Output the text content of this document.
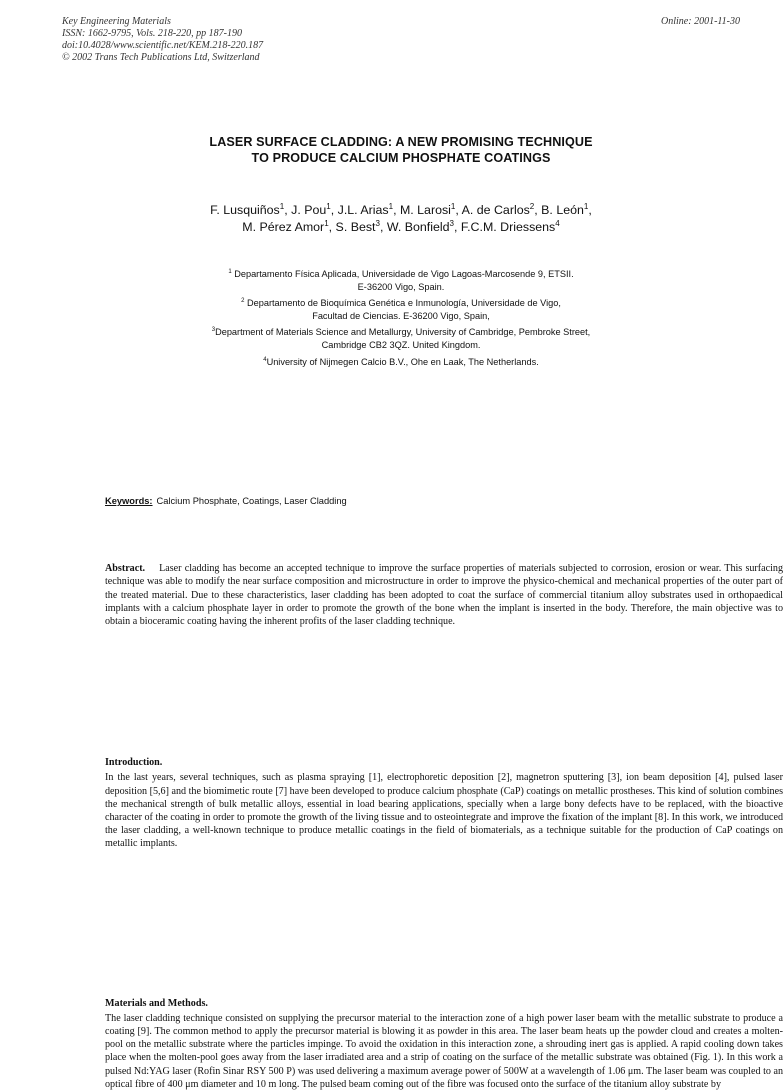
Key Engineering Materials
ISSN: 1662-9795, Vols. 218-220, pp 187-190
doi:10.4028/www.scientific.net/KEM.218-220.187
© 2002 Trans Tech Publications Ltd, Switzerland
Online: 2001-11-30
LASER SURFACE CLADDING: A NEW PROMISING TECHNIQUE
TO PRODUCE CALCIUM PHOSPHATE COATINGS
F. Lusquiños$^1$, J. Pou$^1$, J.L. Arias$^1$, M. Larosi$^1$, A. de Carlos$^2$, B. León$^1$,
M. Pérez Amor$^1$, S. Best$^3$, W. Bonfield$^3$, F.C.M. Driessens$^4$
$^1$ Departamento Física Aplicada, Universidade de Vigo Lagoas-Marcosende 9, ETSII.
E-36200 Vigo, Spain.
$^2$ Departamento de Bioquímica Genética e Inmunología, Universidade de Vigo,
Facultad de Ciencias. E-36200 Vigo, Spain,
$^3$Department of Materials Science and Metallurgy, University of Cambridge, Pembroke Street,
Cambridge CB2 3QZ. United Kingdom.
$^4$University of Nijmegen Calcio B.V., Ohe en Laak, The Netherlands.
Keywords: Calcium Phosphate, Coatings, Laser Cladding
Abstract. Laser cladding has become an accepted technique to improve the surface properties of materials subjected to corrosion, erosion or wear. This surfacing technique was able to modify the near surface composition and microstructure in order to improve the physico-chemical and mechanical properties of the outer part of the treated material. Due to these characteristics, laser cladding has been adopted to coat the surface of commercial titanium alloy substrates used in orthopaedical implants with a calcium phosphate layer in order to promote the growth of the bone when the implant is inserted in the body. Therefore, the main objective was to obtain a bioceramic coating having the inherent profits of the laser cladding technique.
Introduction.
In the last years, several techniques, such as plasma spraying [1], electrophoretic deposition [2], magnetron sputtering [3], ion beam deposition [4], pulsed laser deposition [5,6] and the biomimetic route [7] have been developed to produce calcium phosphate (CaP) coatings on metallic prostheses. This kind of solution combines the mechanical strength of bulk metallic alloys, essential in load bearing applications, specially when a large bony defects have to be replaced, with the bioactive character of the coating in order to promote the growth of the living tissue and to osteointegrate and improve the fixation of the implant [8]. In this work, we introduced the laser cladding, a well-known technique to produce metallic coatings in the field of biomaterials, as a technique suitable for the production of CaP coatings on metallic implants.
Materials and Methods.
The laser cladding technique consisted on supplying the precursor material to the interaction zone of a high power laser beam with the metallic substrate to produce a coating [9]. The common method to apply the precursor material is blowing it as powder in this area. The laser beam heats up the powder cloud and creates a molten-pool on the metallic substrate where the particles impinge. To avoid the oxidation in this interaction zone, a shrouding inert gas is applied. A rapid cooling down takes place when the molten-pool goes away from the laser irradiated area and a strip of coating on the surface of the metallic substrate was obtained (Fig. 1). In this work a pulsed Nd:YAG laser (Rofin Sinar RSY 500 P) was used delivering a maximum average power of 500W at a wavelength of 1.06 μm. The laser beam was coupled to an optical fibre of 400 μm diameter and 10 m long. The pulsed beam coming out of the fibre was focused onto the surface of the titanium alloy substrate by
